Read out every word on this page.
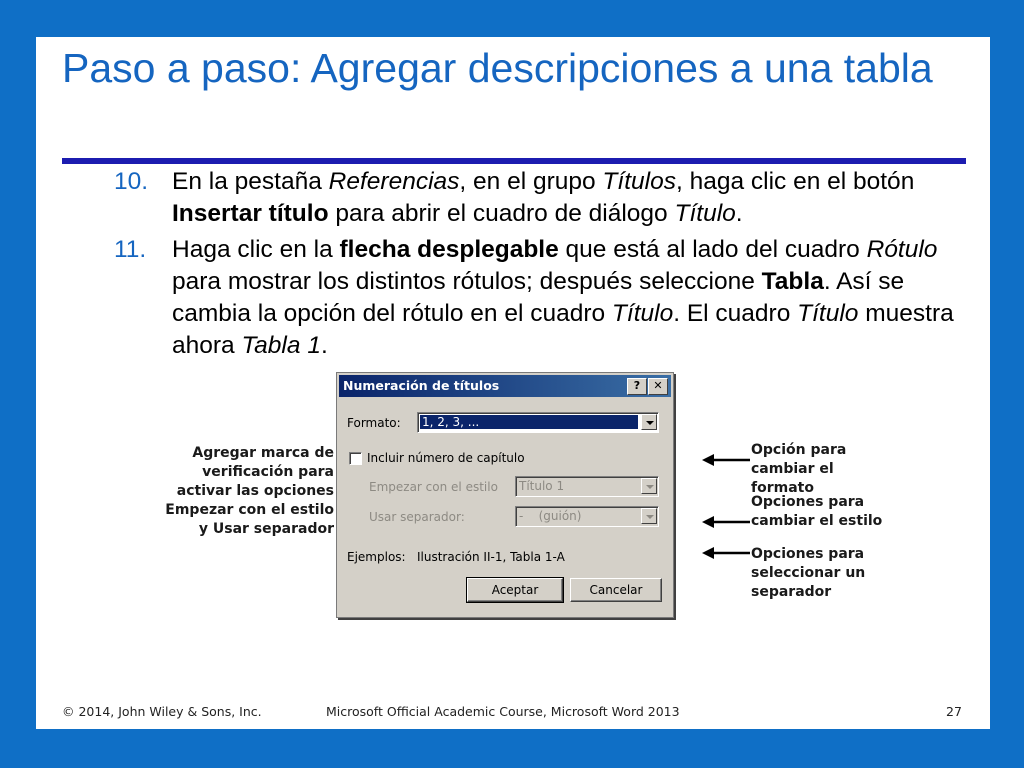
Paso a paso: Agregar descripciones a una tabla
10. En la pestaña Referencias, en el grupo Títulos, haga clic en el botón Insertar título para abrir el cuadro de diálogo Título.
11. Haga clic en la flecha desplegable que está al lado del cuadro Rótulo para mostrar los distintos rótulos; después seleccione Tabla. Así se cambia la opción del rótulo en el cuadro Título. El cuadro Título muestra ahora Tabla 1.
Agregar marca de
verificación para
activar las opciones
Empezar con el estilo
y Usar separador
Opción para
cambiar el formato
Opciones para
cambiar el estilo
Opciones para
seleccionar un
separador
Numeración de títulos	?	✕
Formato: 1, 2, 3, ...
Incluir número de capítulo
Empezar con el estilo Título 1
Usar separador:	-    (guión)
Ejemplos: Ilustración II-1, Tabla 1-A
Aceptar	Cancelar
© 2014, John Wiley & Sons, Inc.	Microsoft Official Academic Course, Microsoft Word 2013	27
